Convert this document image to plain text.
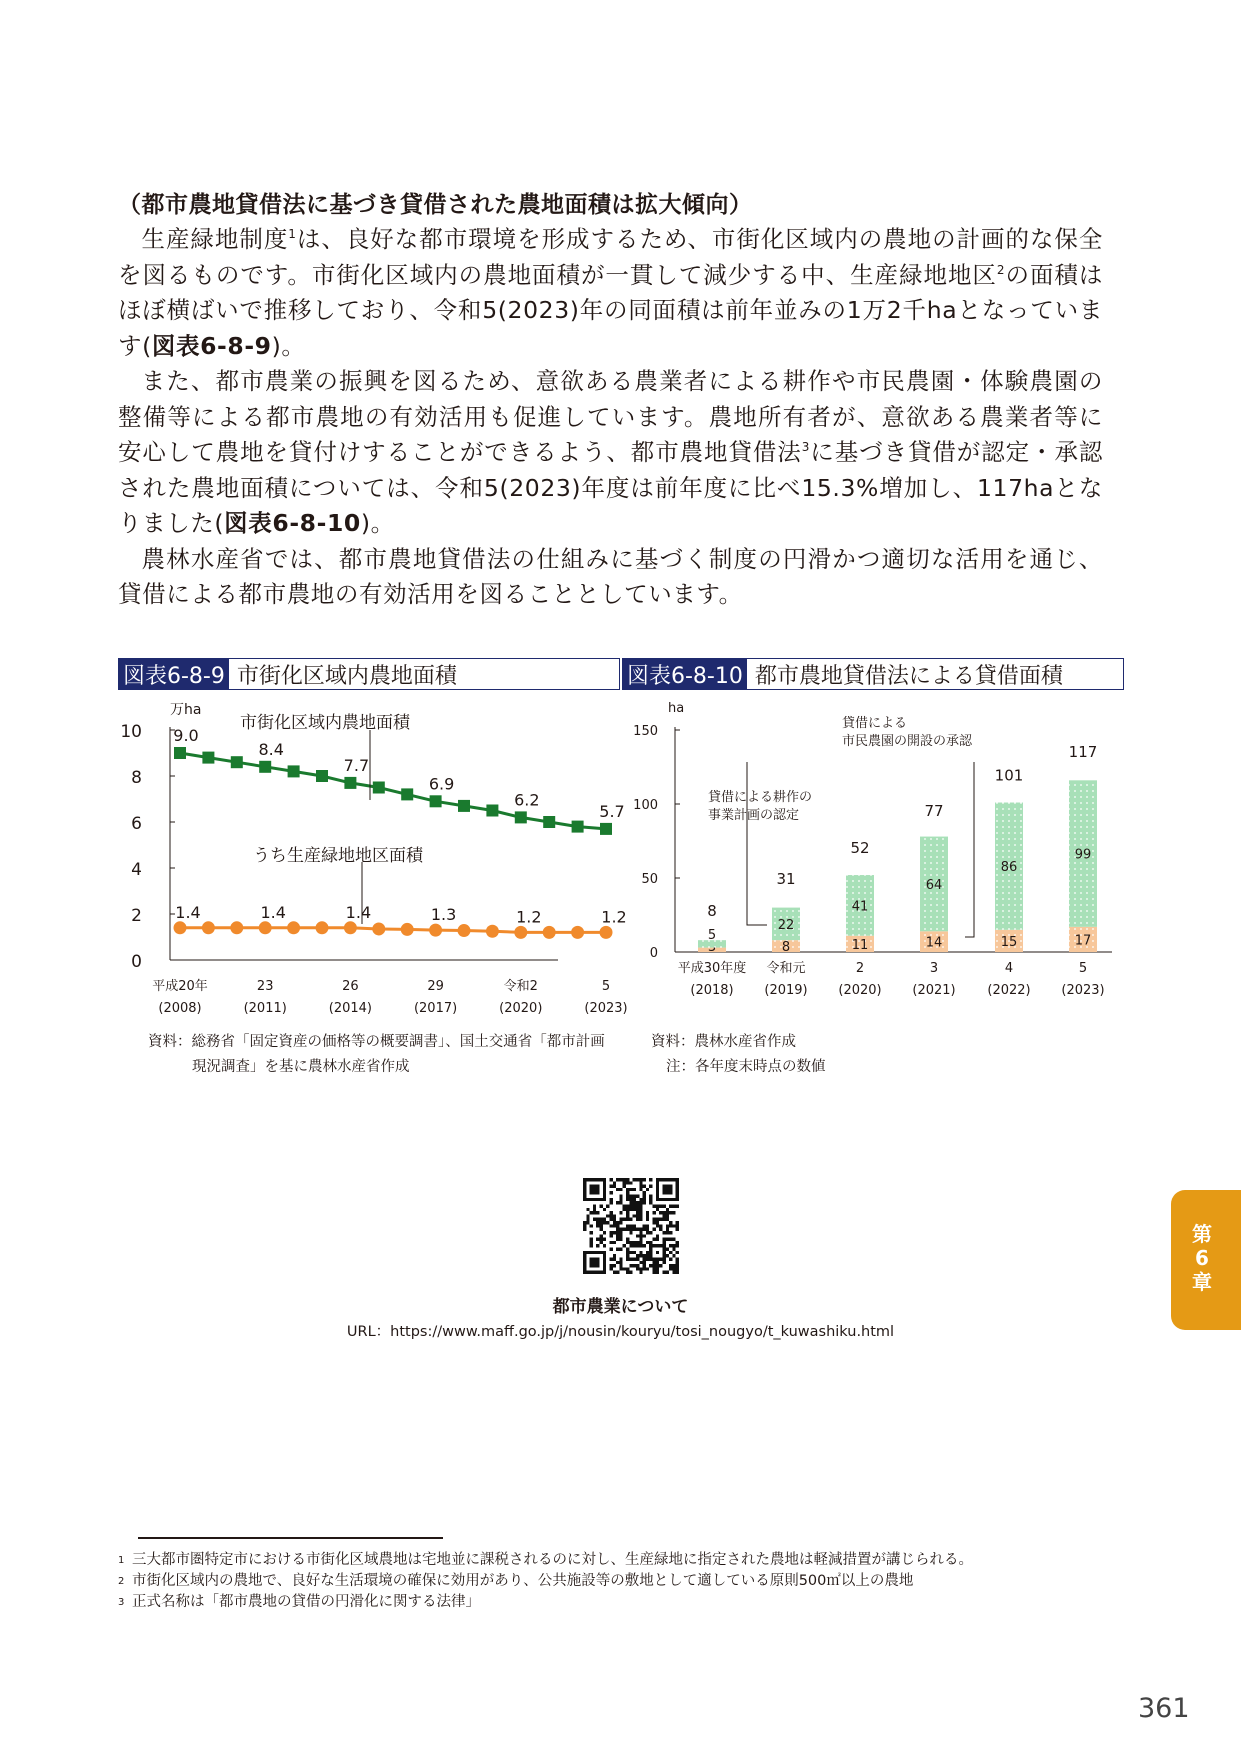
（都市農地貸借法に基づき貸借された農地面積は拡大傾向）

生産緑地制度$^1$は、良好な都市環境を形成するため、市街化区域内の農地の計画的な保全を図るものです。市街化区域内の農地面積が一貫して減少する中、生産緑地地区$^2$の面積はほぼ横ばいで推移しており、令和5(2023)年の同面積は前年並みの1万2千haとなっています(図表6-8-9)。

また、都市農業の振興を図るため、意欲ある農業者による耕作や市民農園・体験農園の整備等による都市農地の有効活用も促進しています。農地所有者が、意欲ある農業者等に安心して農地を貸付けすることができるよう、都市農地貸借法$^3$に基づき貸借が認定・承認された農地面積については、令和5(2023)年度は前年度に比べ15.3%増加し、117haとなりました(図表6-8-10)。

農林水産省では、都市農地貸借法の仕組みに基づく制度の円滑かつ適切な活用を通じ、貸借による都市農地の有効活用を図ることとしています。

図表6-8-9 市街化区域内農地面積	図表6-8-10 都市農地貸借法による貸借面積
万ha
0
2
4
6
8
10
平成20年
(2008)
23
(2011)
26
(2014)
29
(2017)
令和2
(2020)
5
(2023)
9.0
8.4
7.7
6.9
6.2
5.7
1.4	1.4	1.4	1.3	1.2	1.2
市街化区域内農地面積
うち生産緑地地区面積
ha
0
50
100
150
5
8
8
22
31
11
41
52
14
64
77
15
86
101
17
99
117
平成30年度
(2018)
令和元
(2019)
2
(2020)
3
(2021)
4
(2022)
5
(2023)
貸借による耕作の
事業計画の認定
貸借による
市民農園の開設の承認
資料：総務省「固定資産の価格等の概要調書」、国土交通省「都市計画
現況調査」を基に農林水産省作成
資料：農林水産省作成
注：各年度末時点の数値
都市農業について
URL：https://www.maff.go.jp/j/nousin/kouryu/tosi_nougyo/t_kuwashiku.html
第
6
章
1 三大都市圏特定市における市街化区域農地は宅地並に課税されるのに対し、生産緑地に指定された農地は軽減措置が講じられる。
2 市街化区域内の農地で、良好な生活環境の確保に効用があり、公共施設等の敷地として適している原則500㎡以上の農地
3 正式名称は「都市農地の貸借の円滑化に関する法律」
361
